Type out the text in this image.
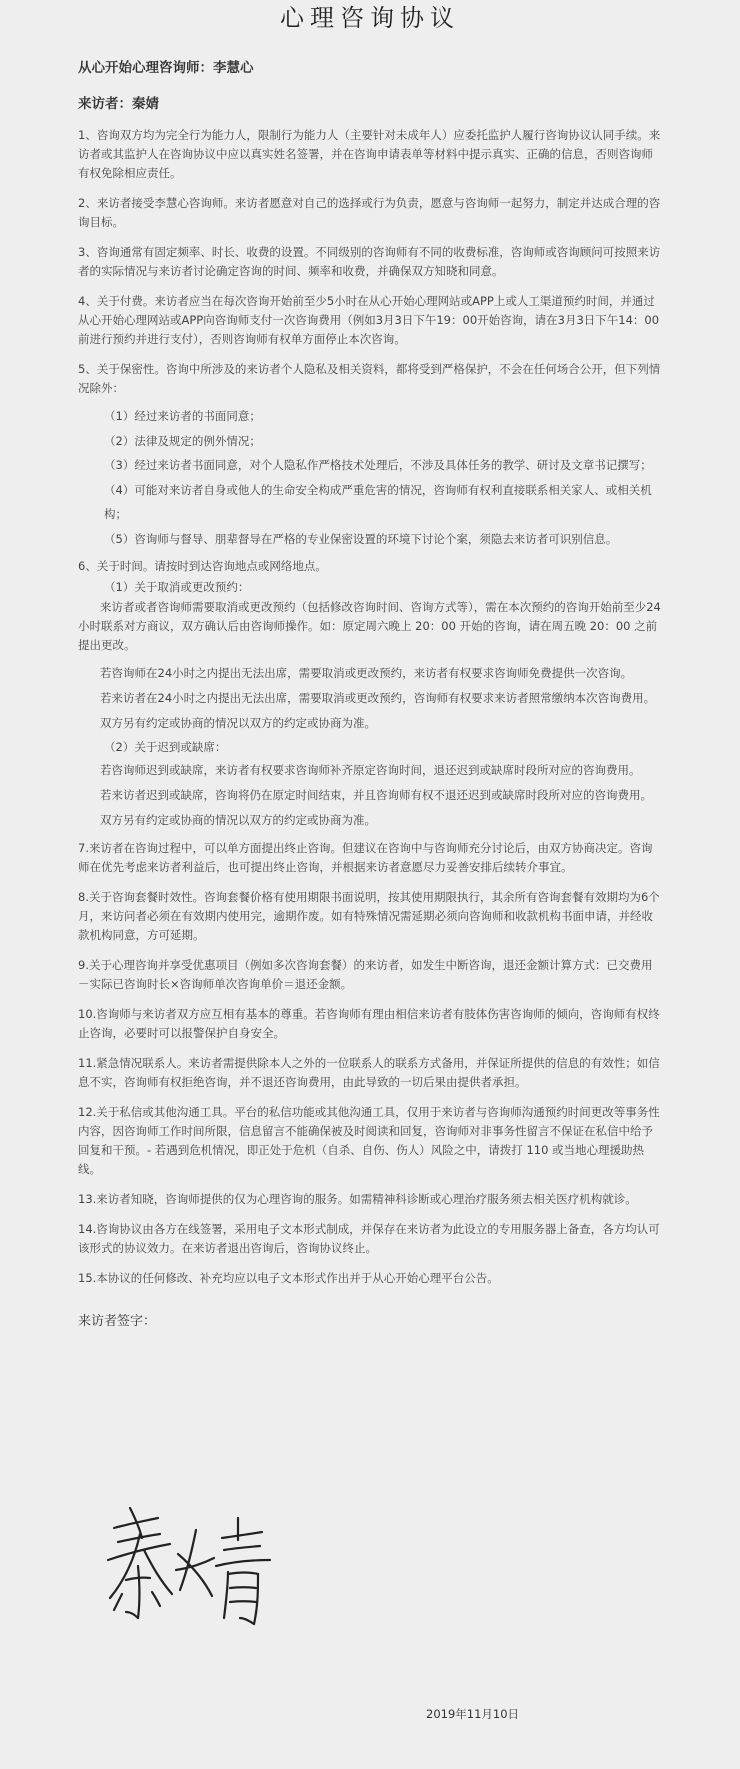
心理咨询协议

从心开始心理咨询师：李慧心

来访者：秦婧

1、咨询双方均为完全行为能力人，限制行为能力人（主要针对未成年人）应委托监护人履行咨询协议认同手续。来访者或其监护人在咨询协议中应以真实姓名签署，并在咨询申请表单等材料中提示真实、正确的信息，否则咨询师有权免除相应责任。

2、来访者接受李慧心咨询师。来访者愿意对自己的选择或行为负责，愿意与咨询师一起努力，制定并达成合理的咨询目标。

3、咨询通常有固定频率、时长、收费的设置。不同级别的咨询师有不同的收费标准，咨询师或咨询顾问可按照来访者的实际情况与来访者讨论确定咨询的时间、频率和收费，并确保双方知晓和同意。

4、关于付费。来访者应当在每次咨询开始前至少5小时在从心开始心理网站或APP上或人工渠道预约时间，并通过从心开始心理网站或APP向咨询师支付一次咨询费用（例如3月3日下午19：00开始咨询，请在3月3日下午14：00前进行预约并进行支付），否则咨询师有权单方面停止本次咨询。

5、关于保密性。咨询中所涉及的来访者个人隐私及相关资料，都将受到严格保护，不会在任何场合公开，但下列情况除外：

（1）经过来访者的书面同意；

（2）法律及规定的例外情况；

（3）经过来访者书面同意，对个人隐私作严格技术处理后，不涉及具体任务的教学、研讨及文章书记撰写；

（4）可能对来访者自身或他人的生命安全构成严重危害的情况，咨询师有权利直接联系相关家人、或相关机构；

（5）咨询师与督导、朋辈督导在严格的专业保密设置的环境下讨论个案，须隐去来访者可识别信息。

6、关于时间。请按时到达咨询地点或网络地点。

（1）关于取消或更改预约：

来访者或者咨询师需要取消或更改预约（包括修改咨询时间、咨询方式等），需在本次预约的咨询开始前至少24小时联系对方商议，双方确认后由咨询师操作。如：原定周六晚上 20：00 开始的咨询，请在周五晚 20：00 之前提出更改。

若咨询师在24小时之内提出无法出席，需要取消或更改预约，来访者有权要求咨询师免费提供一次咨询。

若来访者在24小时之内提出无法出席，需要取消或更改预约，咨询师有权要求来访者照常缴纳本次咨询费用。

双方另有约定或协商的情况以双方的约定或协商为准。

（2）关于迟到或缺席：

若咨询师迟到或缺席，来访者有权要求咨询师补齐原定咨询时间，退还迟到或缺席时段所对应的咨询费用。

若来访者迟到或缺席，咨询将仍在原定时间结束，并且咨询师有权不退还迟到或缺席时段所对应的咨询费用。

双方另有约定或协商的情况以双方的约定或协商为准。

7.来访者在咨询过程中，可以单方面提出终止咨询。但建议在咨询中与咨询师充分讨论后，由双方协商决定。咨询师在优先考虑来访者利益后，也可提出终止咨询，并根据来访者意愿尽力妥善安排后续转介事宜。

8.关于咨询套餐时效性。咨询套餐价格有使用期限书面说明，按其使用期限执行，其余所有咨询套餐有效期均为6个月，来访问者必须在有效期内使用完，逾期作废。如有特殊情况需延期必须向咨询师和收款机构书面申请，并经收款机构同意，方可延期。

9.关于心理咨询并享受优惠项目（例如多次咨询套餐）的来访者，如发生中断咨询，退还金额计算方式：已交费用－实际已咨询时长×咨询师单次咨询单价＝退还金额。

10.咨询师与来访者双方应互相有基本的尊重。若咨询师有理由相信来访者有肢体伤害咨询师的倾向，咨询师有权终止咨询，必要时可以报警保护自身安全。

11.紧急情况联系人。来访者需提供除本人之外的一位联系人的联系方式备用，并保证所提供的信息的有效性；如信息不实，咨询师有权拒绝咨询，并不退还咨询费用，由此导致的一切后果由提供者承担。

12.关于私信或其他沟通工具。平台的私信功能或其他沟通工具，仅用于来访者与咨询师沟通预约时间更改等事务性内容，因咨询师工作时间所限，信息留言不能确保被及时阅读和回复，咨询师对非事务性留言不保证在私信中给予回复和干预。- 若遇到危机情况，即正处于危机（自杀、自伤、伤人）风险之中，请拨打 110 或当地心理援助热线。

13.来访者知晓，咨询师提供的仅为心理咨询的服务。如需精神科诊断或心理治疗服务须去相关医疗机构就诊。

14.咨询协议由各方在线签署，采用电子文本形式制成，并保存在来访者为此设立的专用服务器上备查，各方均认可该形式的协议效力。在来访者退出咨询后，咨询协议终止。

15.本协议的任何修改、补充均应以电子文本形式作出并于从心开始心理平台公告。

来访者签字：

2019年11月10日
